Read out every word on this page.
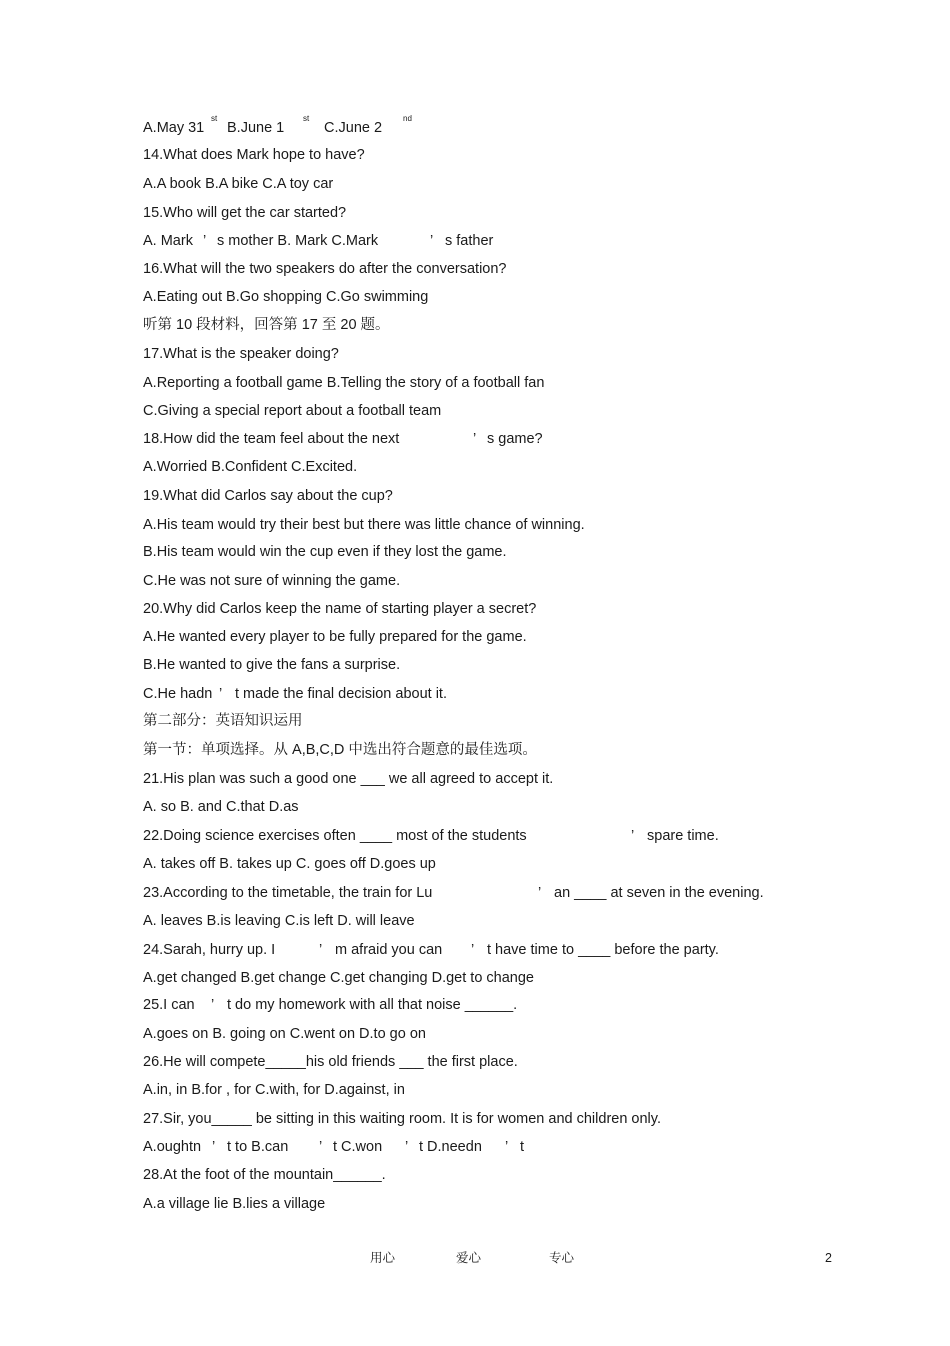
A.May 31
st
B.June 1
st
C.June 2
nd
14.What does Mark hope to have?
A.A book B.A bike C.A toy car
15.Who will get the car started?
A. Mark ’ s mother B. Mark C.Mark	’ s father
16.What will the two speakers do after the conversation?
A.Eating out B.Go shopping C.Go swimming
听第 10 段材料，回答第 17 至 20 题。
17.What is the speaker doing?
A.Reporting a football game B.Telling the story of a football fan
C.Giving a special report about a football team
18.How did the team feel about the next	’ s game?
A.Worried B.Confident C.Excited.
19.What did Carlos say about the cup?
A.His team would try their best but there was little chance of winning.
B.His team would win the cup even if they lost the game.
C.He was not sure of winning the game.
20.Why did Carlos keep the name of starting player a secret?
A.He wanted every player to be fully prepared for the game.
B.He wanted to give the fans a surprise.
C.He hadn ’ t made the final decision about it.
第二部分：英语知识运用
第一节：单项选择。从 A,B,C,D 中选出符合题意的最佳选项。
21.His plan was such a good one ___ we all agreed to accept it.
A. so B. and C.that D.as
22.Doing science exercises often ____ most of the students	’ spare time.
A. takes off B. takes up C. goes off D.goes up
23.According to the timetable, the train for Lu	’ an ____ at seven in the evening.
A. leaves B.is leaving C.is left D. will leave
24.Sarah, hurry up. I	’ m afraid you can ’ t have time to ____ before the party.
A.get changed B.get change C.get changing D.get to change
25.I can ’ t do my homework with all that noise ______.
A.goes on B. going on C.went on D.to go on
26.He will compete_____his old friends ___ the first place.
A.in, in B.for , for C.with, for D.against, in
27.Sir, you_____ be sitting in this waiting room. It is for women and children only.
A.oughtn ’ t to B.can ’ t C.won ’ t D.needn ’ t
28.At the foot of the mountain______.
A.a village lie B.lies a village
用心	爱心	专心	2
